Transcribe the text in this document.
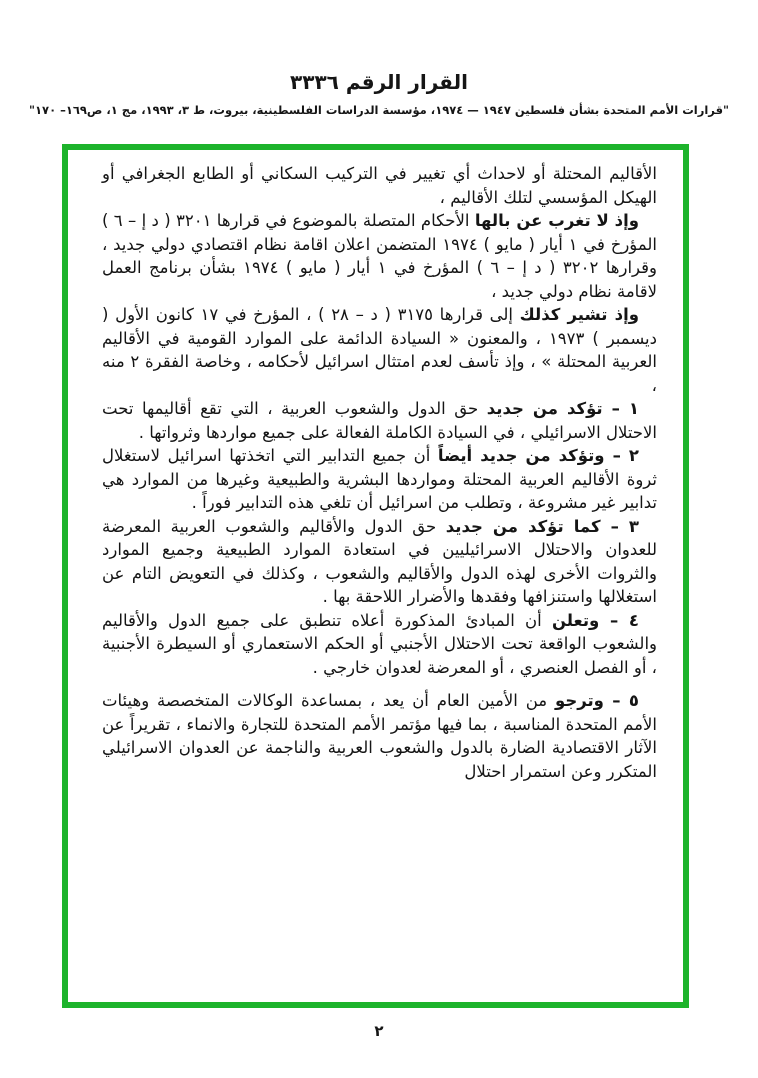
القرار الرقم ٣٣٣٦
"قرارات الأمم المتحدة بشأن فلسطين ١٩٤٧ — ١٩٧٤، مؤسسة الدراسات الفلسطينية، بيروت، ط ٣، ١٩٩٣، مج ١، ص١٦٩– ١٧٠"

الأقاليم المحتلة أو لاحداث أي تغيير في التركيب السكاني أو الطابع الجغرافي أو الهيكل المؤسسي لتلك الأقاليم ،

وإذ لا تغرب عن بالها الأحكام المتصلة بالموضوع في قرارها ٣٢٠١ ( د إ – ٦ ) المؤرخ في ١ أيار ( مايو ) ١٩٧٤ المتضمن اعلان اقامة نظام اقتصادي دولي جديد ، وقرارها ٣٢٠٢ ( د إ – ٦ ) المؤرخ في ١ أيار ( مايو ) ١٩٧٤ بشأن برنامج العمل لاقامة نظام دولي جديد ،

وإذ تشير كذلك إلى قرارها ٣١٧٥ ( د – ٢٨ ) ، المؤرخ في ١٧ كانون الأول ( ديسمبر ) ١٩٧٣ ، والمعنون « السيادة الدائمة على الموارد القومية في الأقاليم العربية المحتلة » ، وإذ تأسف لعدم امتثال اسرائيل لأحكامه ، وخاصة الفقرة ٢ منه ،

١ – تؤكد من جديد حق الدول والشعوب العربية ، التي تقع أقاليمها تحت الاحتلال الاسرائيلي ، في السيادة الكاملة الفعالة على جميع مواردها وثرواتها .

٢ – وتؤكد من جديد أيضاً أن جميع التدابير التي اتخذتها اسرائيل لاستغلال ثروة الأقاليم العربية المحتلة ومواردها البشرية والطبيعية وغيرها من الموارد هي تدابير غير مشروعة ، وتطلب من اسرائيل أن تلغي هذه التدابير فوراً .

٣ – كما تؤكد من جديد حق الدول والأقاليم والشعوب العربية المعرضة للعدوان والاحتلال الاسرائيليين في استعادة الموارد الطبيعية وجميع الموارد والثروات الأخرى لهذه الدول والأقاليم والشعوب ، وكذلك في التعويض التام عن استغلالها واستنزافها وفقدها والأضرار اللاحقة بها .

٤ – وتعلن أن المبادئ المذكورة أعلاه تنطبق على جميع الدول والأقاليم والشعوب الواقعة تحت الاحتلال الأجنبي أو الحكم الاستعماري أو السيطرة الأجنبية ، أو الفصل العنصري ، أو المعرضة لعدوان خارجي .

٥ – وترجو من الأمين العام أن يعد ، بمساعدة الوكالات المتخصصة وهيئات الأمم المتحدة المناسبة ، بما فيها مؤتمر الأمم المتحدة للتجارة والانماء ، تقريراً عن الآثار الاقتصادية الضارة بالدول والشعوب العربية والناجمة عن العدوان الاسرائيلي المتكرر وعن استمرار احتلال

٢
